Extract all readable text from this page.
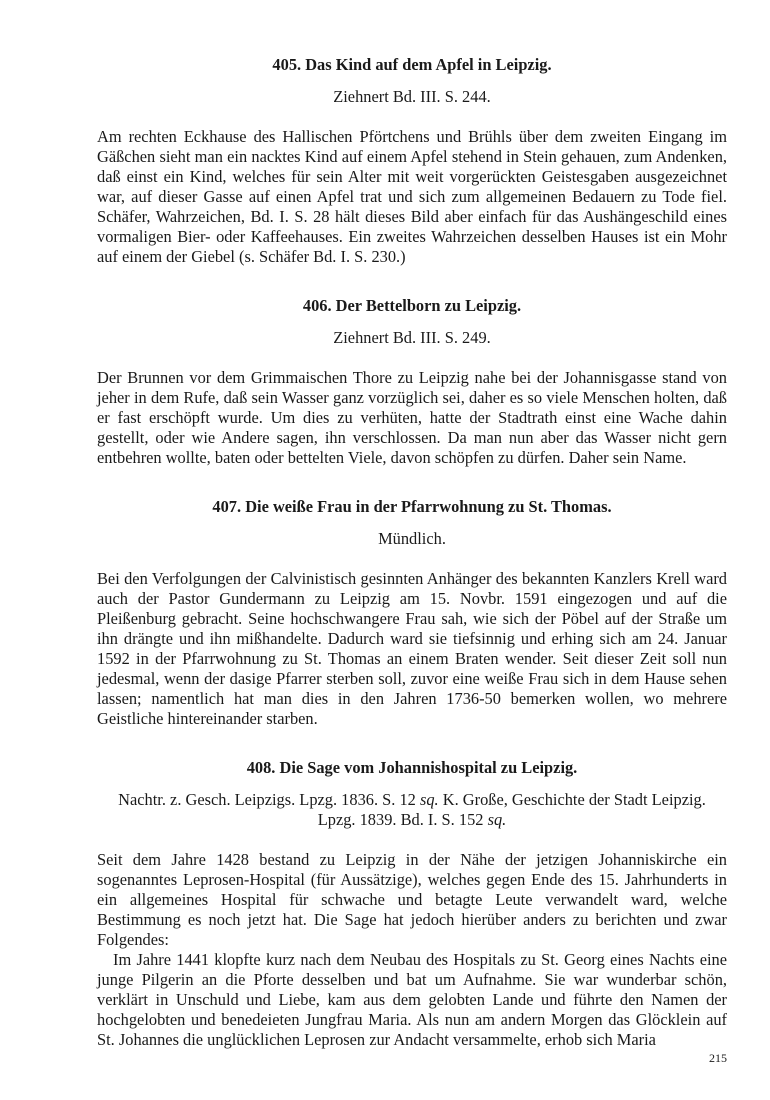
405. Das Kind auf dem Apfel in Leipzig.
Ziehnert Bd. III. S. 244.

Am rechten Eckhause des Hallischen Pförtchens und Brühls über dem zweiten Eingang im Gäßchen sieht man ein nacktes Kind auf einem Apfel stehend in Stein gehauen, zum Andenken, daß einst ein Kind, welches für sein Alter mit weit vorgerückten Geistesgaben ausgezeichnet war, auf dieser Gasse auf einen Apfel trat und sich zum allgemeinen Bedauern zu Tode fiel. Schäfer, Wahrzeichen, Bd. I. S. 28 hält dieses Bild aber einfach für das Aushängeschild eines vormaligen Bier- oder Kaffeehauses. Ein zweites Wahrzeichen desselben Hauses ist ein Mohr auf einem der Giebel (s. Schäfer Bd. I. S. 230.)

406. Der Bettelborn zu Leipzig.
Ziehnert Bd. III. S. 249.

Der Brunnen vor dem Grimmaischen Thore zu Leipzig nahe bei der Johannisgasse stand von jeher in dem Rufe, daß sein Wasser ganz vorzüglich sei, daher es so viele Menschen holten, daß er fast erschöpft wurde. Um dies zu verhüten, hatte der Stadtrath einst eine Wache dahin gestellt, oder wie Andere sagen, ihn verschlossen. Da man nun aber das Wasser nicht gern entbehren wollte, baten oder bettelten Viele, davon schöpfen zu dürfen. Daher sein Name.

407. Die weiße Frau in der Pfarrwohnung zu St. Thomas.
Mündlich.

Bei den Verfolgungen der Calvinistisch gesinnten Anhänger des bekannten Kanzlers Krell ward auch der Pastor Gundermann zu Leipzig am 15. Novbr. 1591 eingezogen und auf die Pleißenburg gebracht. Seine hochschwangere Frau sah, wie sich der Pöbel auf der Straße um ihn drängte und ihn mißhandelte. Dadurch ward sie tiefsinnig und erhing sich am 24. Januar 1592 in der Pfarrwohnung zu St. Thomas an einem Braten wender. Seit dieser Zeit soll nun jedesmal, wenn der dasige Pfarrer sterben soll, zuvor eine weiße Frau sich in dem Hause sehen lassen; namentlich hat man dies in den Jahren 1736-50 bemerken wollen, wo mehrere Geistliche hintereinander starben.

408. Die Sage vom Johannishospital zu Leipzig.
Nachtr. z. Gesch. Leipzigs. Lpzg. 1836. S. 12 sq. K. Große, Geschichte der Stadt Leipzig.
Lpzg. 1839. Bd. I. S. 152 sq.

Seit dem Jahre 1428 bestand zu Leipzig in der Nähe der jetzigen Johanniskirche ein sogenanntes Leprosen-Hospital (für Aussätzige), welches gegen Ende des 15. Jahrhunderts in ein allgemeines Hospital für schwache und betagte Leute verwandelt ward, welche Bestimmung es noch jetzt hat. Die Sage hat jedoch hierüber anders zu berichten und zwar Folgendes:

Im Jahre 1441 klopfte kurz nach dem Neubau des Hospitals zu St. Georg eines Nachts eine junge Pilgerin an die Pforte desselben und bat um Aufnahme. Sie war wunderbar schön, verklärt in Unschuld und Liebe, kam aus dem gelobten Lande und führte den Namen der hochgelobten und benedeieten Jungfrau Maria. Als nun am andern Morgen das Glöcklein auf St. Johannes die unglücklichen Leprosen zur Andacht versammelte, erhob sich Maria

215
